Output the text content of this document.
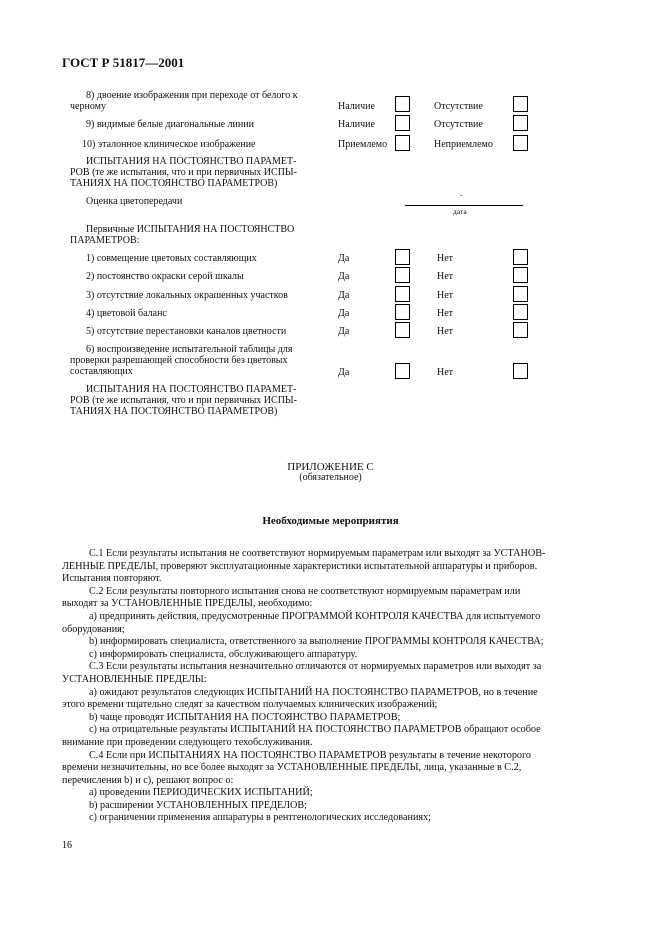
ГОСТ Р 51817—2001
8) двоение изображения при переходе от белого к
черному	Наличие	Отсутствие
9) видимые белые диагональные линии	Наличие	Отсутствие
10) эталонное клиническое изображение	Приемлемо	Неприемлемо
ИСПЫТАНИЯ НА ПОСТОЯНСТВО ПАРАМЕТ-
РОВ (те же испытания, что и при первичных ИСПЫ-
ТАНИЯХ НА ПОСТОЯНСТВО ПАРАМЕТРОВ)
Оценка цветопередачи
.
дата
Первичные ИСПЫТАНИЯ НА ПОСТОЯНСТВО
ПАРАМЕТРОВ:
1) совмещение цветовых составляющих	Да	Нет
2) постоянство окраски серой шкалы	Да	Нет
3) отсутствие локальных окрашенных участков	Да	Нет
4) цветовой баланс	Да	Нет
5) отсутствие перестановки каналов цветности	Да	Нет
6) воспроизведение испытательной таблицы для
проверки разрешающей способности без цветовых
составляющих	Да	Нет
ИСПЫТАНИЯ НА ПОСТОЯНСТВО ПАРАМЕТ-
РОВ (те же испытания, что и при первичных ИСПЫ-
ТАНИЯХ НА ПОСТОЯНСТВО ПАРАМЕТРОВ)
ПРИЛОЖЕНИЕ С
(обязательное)
Необходимые мероприятия

С.1 Если результаты испытания не соответствуют нормируемым параметрам или выходят за УСТАНОВ-

ЛЕННЫЕ ПРЕДЕЛЫ, проверяют эксплуатационные характеристики испытательной аппаратуры и приборов.

Испытания повторяют.

С.2 Если результаты повторного испытания снова не соответствуют нормируемым параметрам или

выходят за УСТАНОВЛЕННЫЕ ПРЕДЕЛЫ, необходимо:

а) предпринять действия, предусмотренные ПРОГРАММОЙ КОНТРОЛЯ КАЧЕСТВА для испытуемого

оборудования;

b) информировать специалиста, ответственного за выполнение ПРОГРАММЫ КОНТРОЛЯ КАЧЕСТВА;

с) информировать специалиста, обслуживающего аппаратуру.

С.3 Если результаты испытания незначительно отличаются от нормируемых параметров или выходят за

УСТАНОВЛЕННЫЕ ПРЕДЕЛЫ:

а) ожидают результатов следующих ИСПЫТАНИЙ НА ПОСТОЯНСТВО ПАРАМЕТРОВ, но в течение

этого времени тщательно следят за качеством получаемых клинических изображений;

b) чаще проводят ИСПЫТАНИЯ НА ПОСТОЯНСТВО ПАРАМЕТРОВ;

с) на отрицательные результаты ИСПЫТАНИЙ НА ПОСТОЯНСТВО ПАРАМЕТРОВ обращают особое

внимание при проведении следующего техобслуживания.

С.4 Если при ИСПЫТАНИЯХ НА ПОСТОЯНСТВО ПАРАМЕТРОВ результаты в течение некоторого

времени незначительны, но все более выходят за УСТАНОВЛЕННЫЕ ПРЕДЕЛЫ, лица, указанные в С.2,

перечисления b) и с), решают вопрос о:

а) проведении ПЕРИОДИЧЕСКИХ ИСПЫТАНИЙ;

b) расширении УСТАНОВЛЕННЫХ ПРЕДЕЛОВ;

с) ограничении применения аппаратуры в рентгенологических исследованиях;

16
